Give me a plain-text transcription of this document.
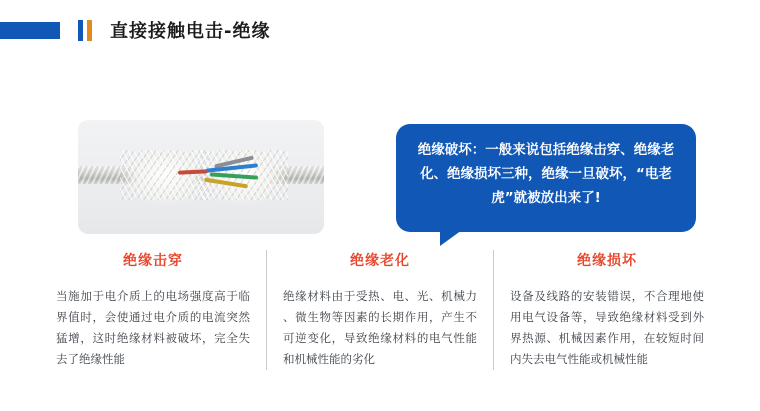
直接接触电击-绝缘
绝缘破坏：一般来说包括绝缘击穿、绝缘老化、绝缘损坏三种，绝缘一旦破坏，“电老虎”就被放出来了!
绝缘击穿
当施加于电介质上的电场强度高于临界值时，会使通过电介质的电流突然猛增，这时绝缘材料被破坏，完全失去了绝缘性能
绝缘老化
绝缘材料由于受热、电、光、机械力 、微生物等因素的长期作用，产生不可逆变化，导致绝缘材料的电气性能和机械性能的劣化
绝缘损坏
设备及线路的安装错误，不合理地使用电气设备等，导致绝缘材料受到外界热源、机械因素作用，在较短时间内失去电气性能或机械性能
